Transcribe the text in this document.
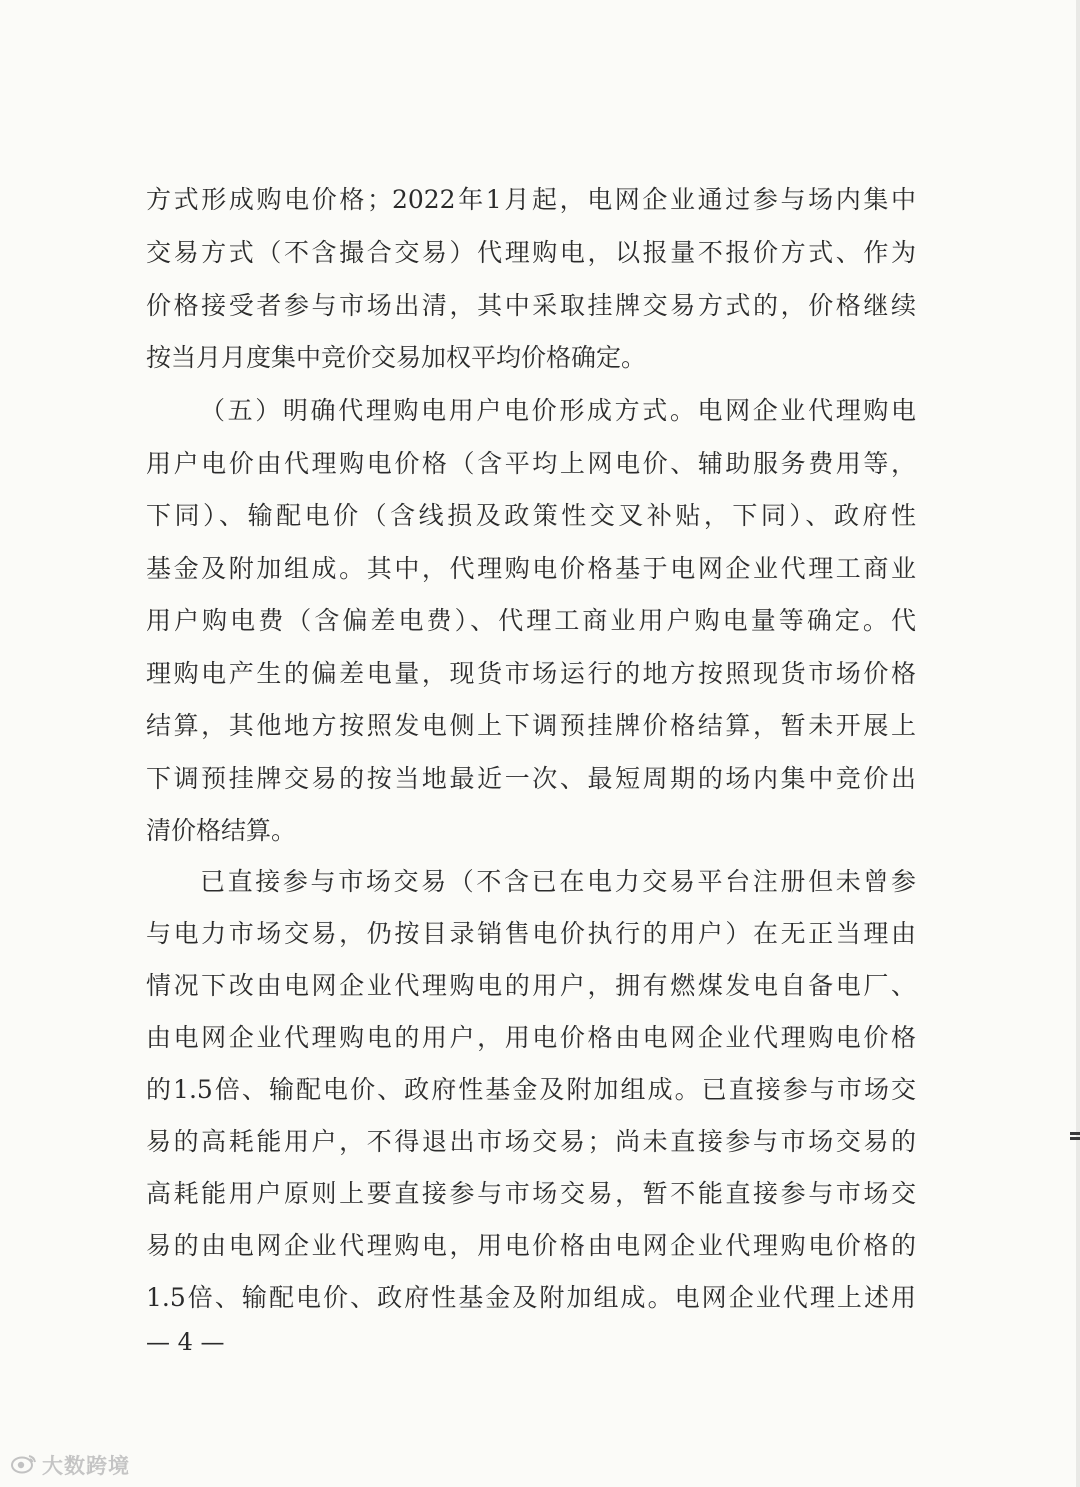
方式形成购电价格；2022年1月起，电网企业通过参与场内集中
交易方式（不含撮合交易）代理购电，以报量不报价方式、作为
价格接受者参与市场出清，其中采取挂牌交易方式的，价格继续
按当月月度集中竞价交易加权平均价格确定。
（五）明确代理购电用户电价形成方式。电网企业代理购电
用户电价由代理购电价格（含平均上网电价、辅助服务费用等，
下同）、输配电价（含线损及政策性交叉补贴，下同）、政府性
基金及附加组成。其中，代理购电价格基于电网企业代理工商业
用户购电费（含偏差电费）、代理工商业用户购电量等确定。代
理购电产生的偏差电量，现货市场运行的地方按照现货市场价格
结算，其他地方按照发电侧上下调预挂牌价格结算，暂未开展上
下调预挂牌交易的按当地最近一次、最短周期的场内集中竞价出
清价格结算。
已直接参与市场交易（不含已在电力交易平台注册但未曾参
与电力市场交易，仍按目录销售电价执行的用户）在无正当理由
情况下改由电网企业代理购电的用户，拥有燃煤发电自备电厂、
由电网企业代理购电的用户，用电价格由电网企业代理购电价格
的1.5倍、输配电价、政府性基金及附加组成。已直接参与市场交
易的高耗能用户，不得退出市场交易；尚未直接参与市场交易的
高耗能用户原则上要直接参与市场交易，暂不能直接参与市场交
易的由电网企业代理购电，用电价格由电网企业代理购电价格的
1.5倍、输配电价、政府性基金及附加组成。电网企业代理上述用
— 4 —
大数跨境
